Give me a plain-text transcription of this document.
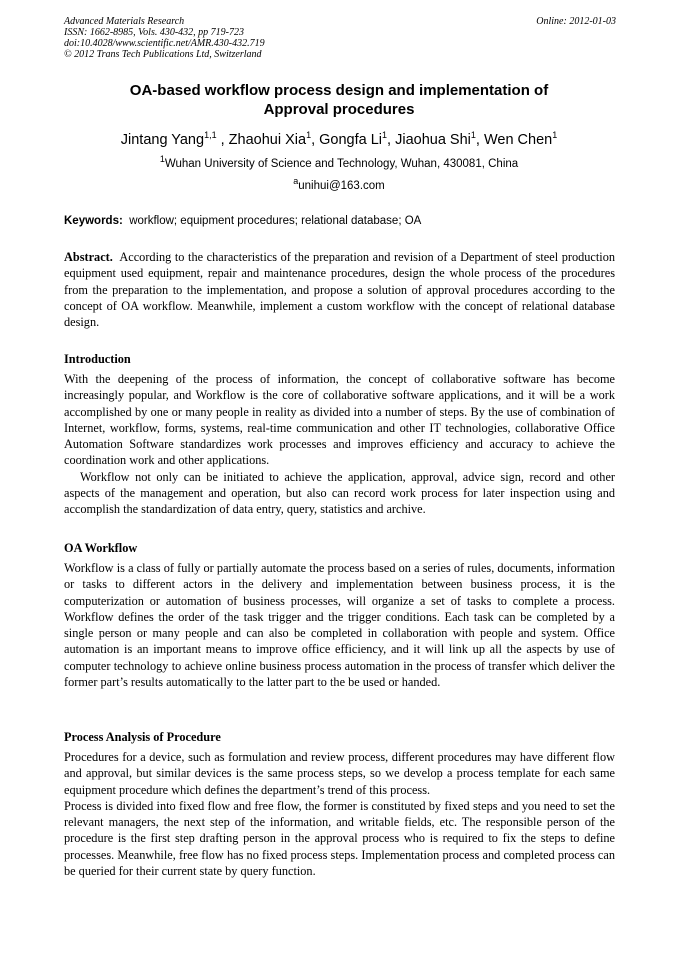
Advanced Materials Research
ISSN: 1662-8985, Vols. 430-432, pp 719-723
doi:10.4028/www.scientific.net/AMR.430-432.719
© 2012 Trans Tech Publications Ltd, Switzerland
Online: 2012-01-03
OA-based workflow process design and implementation of
Approval procedures
Jintang Yang$^{1,1}$ , Zhaohui Xia$^1$, Gongfa Li$^1$, Jiaohua Shi$^1$, Wen Chen$^1$
$^1$Wuhan University of Science and Technology, Wuhan, 430081, China
$^a$unihui@163.com
Keywords: workflow; equipment procedures; relational database; OA

Abstract. According to the characteristics of the preparation and revision of a Department of steel production equipment used equipment, repair and maintenance procedures, design the whole process of the procedures from the preparation to the implementation, and propose a solution of approval procedures according to the concept of OA workflow. Meanwhile, implement a custom workflow with the concept of relational database design.

Introduction

With the deepening of the process of information, the concept of collaborative software has become increasingly popular, and Workflow is the core of collaborative software applications, and it will be a work accomplished by one or many people in reality as divided into a number of steps. By the use of combination of Internet, workflow, forms, systems, real-time communication and other IT technologies, collaborative Office Automation Software standardizes work processes and improves efficiency and accuracy to achieve the coordination work and other applications.

Workflow not only can be initiated to achieve the application, approval, advice sign, record and other aspects of the management and operation, but also can record work process for later inspection using and accomplish the standardization of data entry, query, statistics and archive.

OA Workflow

Workflow is a class of fully or partially automate the process based on a series of rules, documents, information or tasks to different actors in the delivery and implementation between business process, it is the computerization or automation of business processes, will organize a set of tasks to complete a process. Workflow defines the order of the task trigger and the trigger conditions. Each task can be completed by a single person or many people and can also be completed in collaboration with people and system. Office automation is an important means to improve office efficiency, and it will link up all the aspects by use of computer technology to achieve online business process automation in the process of transfer which deliver the former part’s results automatically to the latter part to the be used or handed.

Process Analysis of Procedure

Procedures for a device, such as formulation and review process, different procedures may have different flow and approval, but similar devices is the same process steps, so we develop a process template for each same equipment procedure which defines the department’s trend of this process.

Process is divided into fixed flow and free flow, the former is constituted by fixed steps and you need to set the relevant managers, the next step of the information, and writable fields, etc. The responsible person of the procedure is the first step drafting person in the approval process who is required to fix the steps to define processes. Meanwhile, free flow has no fixed process steps. Implementation process and completed process can be queried for their current state by query function.
